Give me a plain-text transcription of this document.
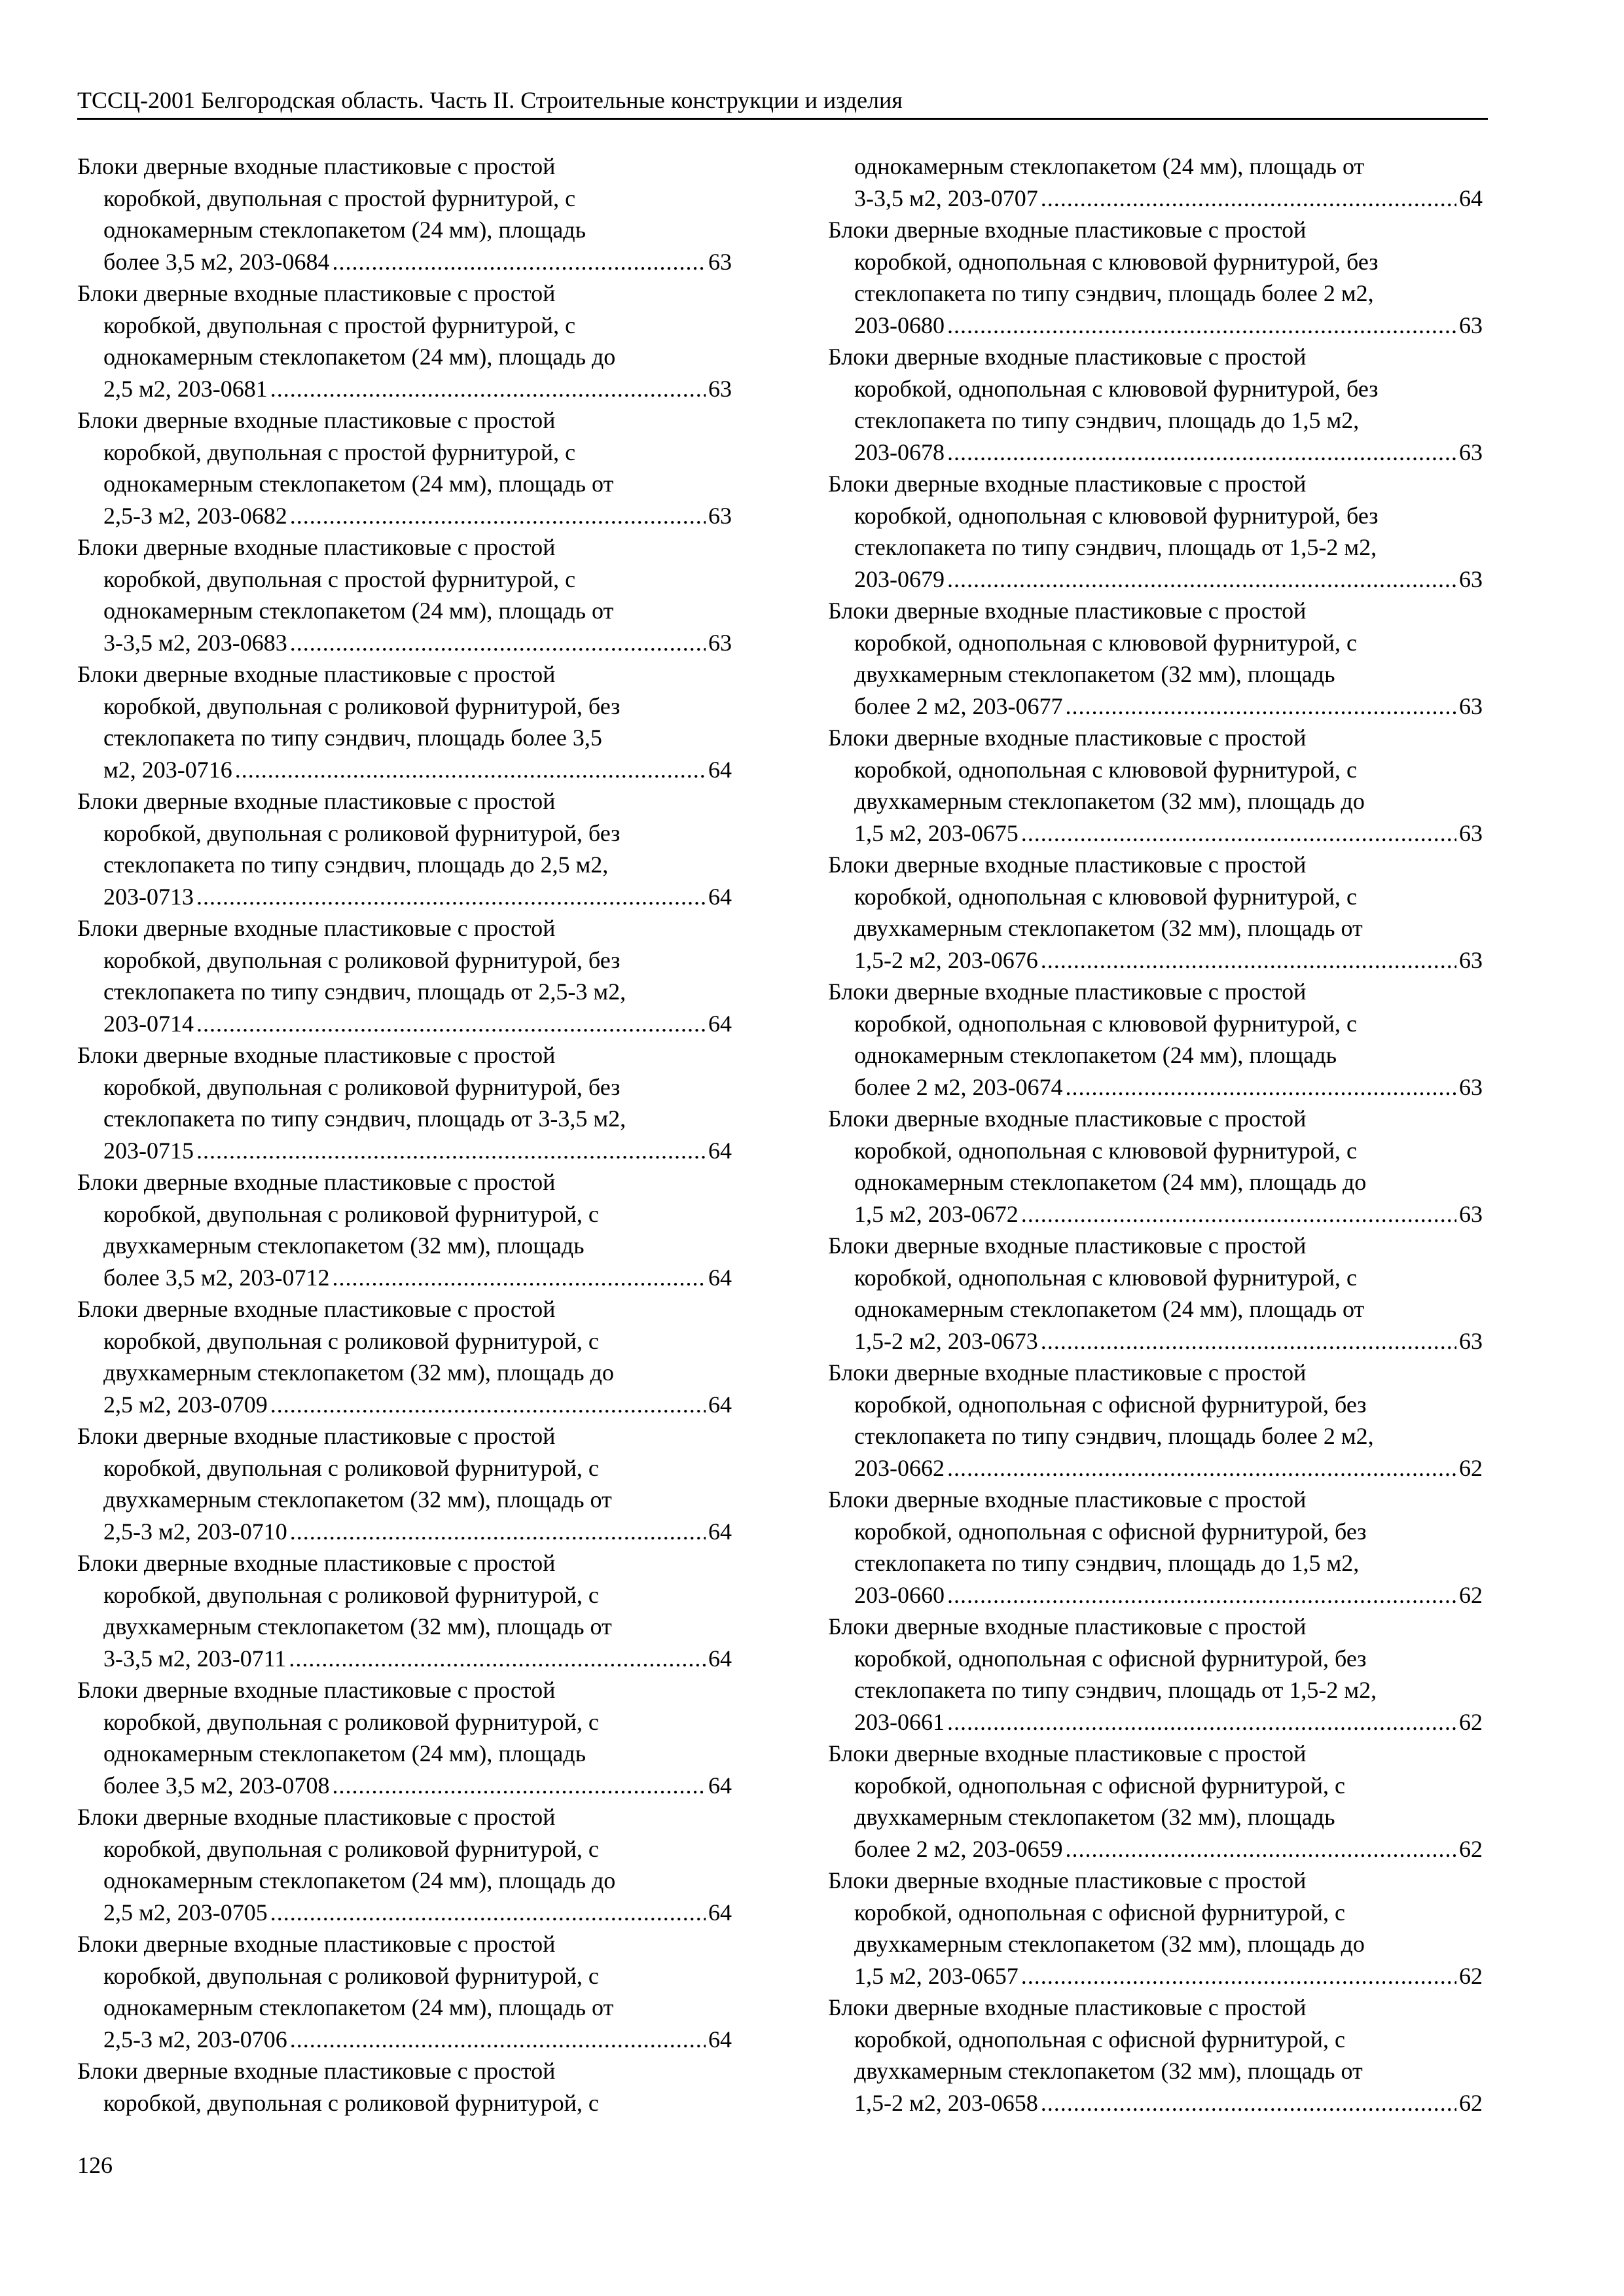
ТССЦ-2001 Белгородская область. Часть II. Строительные конструкции и изделия
Блоки дверные входные пластиковые с простой
коробкой, двупольная с простой фурнитурой, с
однокамерным стеклопакетом (24 мм), площадь
более 3,5 м2, 203-0684 .....	63
Блоки дверные входные пластиковые с простой
коробкой, двупольная с простой фурнитурой, с
однокамерным стеклопакетом (24 мм), площадь до
2,5 м2, 203-0681 .....	63
Блоки дверные входные пластиковые с простой
коробкой, двупольная с простой фурнитурой, с
однокамерным стеклопакетом (24 мм), площадь от
2,5-3 м2, 203-0682 .....	63
Блоки дверные входные пластиковые с простой
коробкой, двупольная с простой фурнитурой, с
однокамерным стеклопакетом (24 мм), площадь от
3-3,5 м2, 203-0683 .....	63
Блоки дверные входные пластиковые с простой
коробкой, двупольная с роликовой фурнитурой, без
стеклопакета по типу сэндвич, площадь более 3,5
м2, 203-0716 .....	64
Блоки дверные входные пластиковые с простой
коробкой, двупольная с роликовой фурнитурой, без
стеклопакета по типу сэндвич, площадь до 2,5 м2,
203-0713 .....	64
Блоки дверные входные пластиковые с простой
коробкой, двупольная с роликовой фурнитурой, без
стеклопакета по типу сэндвич, площадь от 2,5-3 м2,
203-0714 .....	64
Блоки дверные входные пластиковые с простой
коробкой, двупольная с роликовой фурнитурой, без
стеклопакета по типу сэндвич, площадь от 3-3,5 м2,
203-0715 .....	64
Блоки дверные входные пластиковые с простой
коробкой, двупольная с роликовой фурнитурой, с
двухкамерным стеклопакетом (32 мм), площадь
более 3,5 м2, 203-0712 .....	64
Блоки дверные входные пластиковые с простой
коробкой, двупольная с роликовой фурнитурой, с
двухкамерным стеклопакетом (32 мм), площадь до
2,5 м2, 203-0709 .....	64
Блоки дверные входные пластиковые с простой
коробкой, двупольная с роликовой фурнитурой, с
двухкамерным стеклопакетом (32 мм), площадь от
2,5-3 м2, 203-0710 .....	64
Блоки дверные входные пластиковые с простой
коробкой, двупольная с роликовой фурнитурой, с
двухкамерным стеклопакетом (32 мм), площадь от
3-3,5 м2, 203-0711 .....	64
Блоки дверные входные пластиковые с простой
коробкой, двупольная с роликовой фурнитурой, с
однокамерным стеклопакетом (24 мм), площадь
более 3,5 м2, 203-0708 .....	64
Блоки дверные входные пластиковые с простой
коробкой, двупольная с роликовой фурнитурой, с
однокамерным стеклопакетом (24 мм), площадь до
2,5 м2, 203-0705 .....	64
Блоки дверные входные пластиковые с простой
коробкой, двупольная с роликовой фурнитурой, с
однокамерным стеклопакетом (24 мм), площадь от
2,5-3 м2, 203-0706 .....	64
Блоки дверные входные пластиковые с простой
коробкой, двупольная с роликовой фурнитурой, с
однокамерным стеклопакетом (24 мм), площадь от
3-3,5 м2, 203-0707 .....	64
Блоки дверные входные пластиковые с простой
коробкой, однопольная с клювовой фурнитурой, без
стеклопакета по типу сэндвич, площадь более 2 м2,
203-0680 .....	63
Блоки дверные входные пластиковые с простой
коробкой, однопольная с клювовой фурнитурой, без
стеклопакета по типу сэндвич, площадь до 1,5 м2,
203-0678 .....	63
Блоки дверные входные пластиковые с простой
коробкой, однопольная с клювовой фурнитурой, без
стеклопакета по типу сэндвич, площадь от 1,5-2 м2,
203-0679 .....	63
Блоки дверные входные пластиковые с простой
коробкой, однопольная с клювовой фурнитурой, с
двухкамерным стеклопакетом (32 мм), площадь
более 2 м2, 203-0677 .....	63
Блоки дверные входные пластиковые с простой
коробкой, однопольная с клювовой фурнитурой, с
двухкамерным стеклопакетом (32 мм), площадь до
1,5 м2, 203-0675 .....	63
Блоки дверные входные пластиковые с простой
коробкой, однопольная с клювовой фурнитурой, с
двухкамерным стеклопакетом (32 мм), площадь от
1,5-2 м2, 203-0676 .....	63
Блоки дверные входные пластиковые с простой
коробкой, однопольная с клювовой фурнитурой, с
однокамерным стеклопакетом (24 мм), площадь
более 2 м2, 203-0674 .....	63
Блоки дверные входные пластиковые с простой
коробкой, однопольная с клювовой фурнитурой, с
однокамерным стеклопакетом (24 мм), площадь до
1,5 м2, 203-0672 .....	63
Блоки дверные входные пластиковые с простой
коробкой, однопольная с клювовой фурнитурой, с
однокамерным стеклопакетом (24 мм), площадь от
1,5-2 м2, 203-0673 .....	63
Блоки дверные входные пластиковые с простой
коробкой, однопольная с офисной фурнитурой, без
стеклопакета по типу сэндвич, площадь более 2 м2,
203-0662 .....	62
Блоки дверные входные пластиковые с простой
коробкой, однопольная с офисной фурнитурой, без
стеклопакета по типу сэндвич, площадь до 1,5 м2,
203-0660 .....	62
Блоки дверные входные пластиковые с простой
коробкой, однопольная с офисной фурнитурой, без
стеклопакета по типу сэндвич, площадь от 1,5-2 м2,
203-0661 .....	62
Блоки дверные входные пластиковые с простой
коробкой, однопольная с офисной фурнитурой, с
двухкамерным стеклопакетом (32 мм), площадь
более 2 м2, 203-0659 .....	62
Блоки дверные входные пластиковые с простой
коробкой, однопольная с офисной фурнитурой, с
двухкамерным стеклопакетом (32 мм), площадь до
1,5 м2, 203-0657 .....	62
Блоки дверные входные пластиковые с простой
коробкой, однопольная с офисной фурнитурой, с
двухкамерным стеклопакетом (32 мм), площадь от
1,5-2 м2, 203-0658 .....	62
126
